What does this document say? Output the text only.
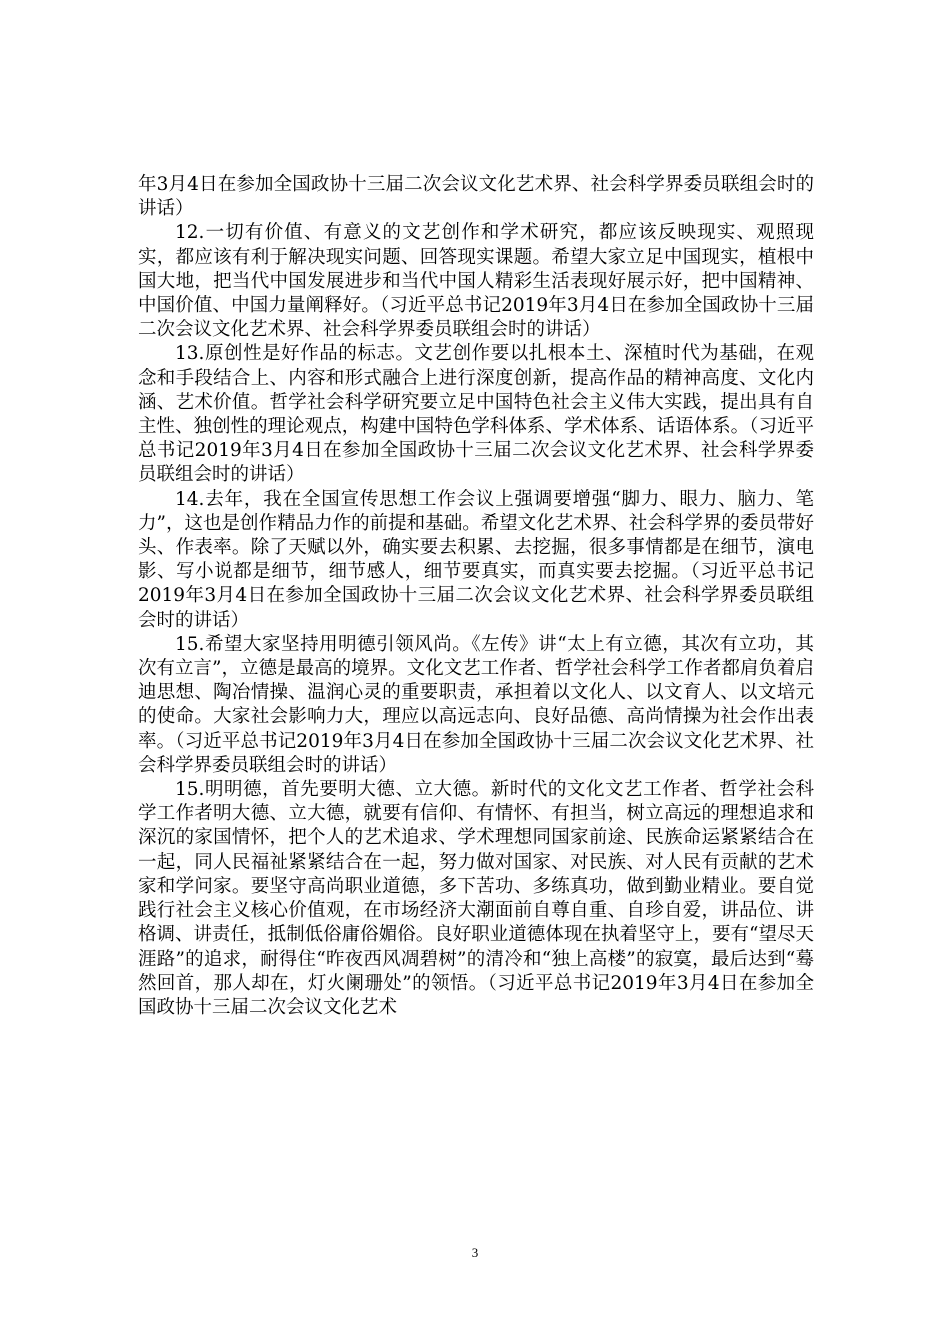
年3月4日在参加全国政协十三届二次会议文化艺术界、社会科学界委员联组会时的讲话）

12.一切有价值、有意义的文艺创作和学术研究，都应该反映现实、观照现实，都应该有利于解决现实问题、回答现实课题。希望大家立足中国现实，植根中国大地，把当代中国发展进步和当代中国人精彩生活表现好展示好，把中国精神、中国价值、中国力量阐释好。（习近平总书记2019年3月4日在参加全国政协十三届二次会议文化艺术界、社会科学界委员联组会时的讲话）

13.原创性是好作品的标志。文艺创作要以扎根本土、深植时代为基础，在观念和手段结合上、内容和形式融合上进行深度创新，提高作品的精神高度、文化内涵、艺术价值。哲学社会科学研究要立足中国特色社会主义伟大实践，提出具有自主性、独创性的理论观点，构建中国特色学科体系、学术体系、话语体系。（习近平总书记2019年3月4日在参加全国政协十三届二次会议文化艺术界、社会科学界委员联组会时的讲话）

14.去年，我在全国宣传思想工作会议上强调要增强“脚力、眼力、脑力、笔力”，这也是创作精品力作的前提和基础。希望文化艺术界、社会科学界的委员带好头、作表率。除了天赋以外，确实要去积累、去挖掘，很多事情都是在细节，演电影、写小说都是细节，细节感人，细节要真实，而真实要去挖掘。（习近平总书记2019年3月4日在参加全国政协十三届二次会议文化艺术界、社会科学界委员联组会时的讲话）

15.希望大家坚持用明德引领风尚。《左传》讲“太上有立德，其次有立功，其次有立言”，立德是最高的境界。文化文艺工作者、哲学社会科学工作者都肩负着启迪思想、陶冶情操、温润心灵的重要职责，承担着以文化人、以文育人、以文培元的使命。大家社会影响力大，理应以高远志向、良好品德、高尚情操为社会作出表率。（习近平总书记2019年3月4日在参加全国政协十三届二次会议文化艺术界、社会科学界委员联组会时的讲话）

15.明明德，首先要明大德、立大德。新时代的文化文艺工作者、哲学社会科学工作者明大德、立大德，就要有信仰、有情怀、有担当，树立高远的理想追求和深沉的家国情怀，把个人的艺术追求、学术理想同国家前途、民族命运紧紧结合在一起，同人民福祉紧紧结合在一起，努力做对国家、对民族、对人民有贡献的艺术家和学问家。要坚守高尚职业道德，多下苦功、多练真功，做到勤业精业。要自觉践行社会主义核心价值观，在市场经济大潮面前自尊自重、自珍自爱，讲品位、讲格调、讲责任，抵制低俗庸俗媚俗。良好职业道德体现在执着坚守上，要有“望尽天涯路”的追求，耐得住“昨夜西风凋碧树”的清冷和“独上高楼”的寂寞，最后达到“蓦然回首，那人却在，灯火阑珊处”的领悟。（习近平总书记2019年3月4日在参加全国政协十三届二次会议文化艺术

3
